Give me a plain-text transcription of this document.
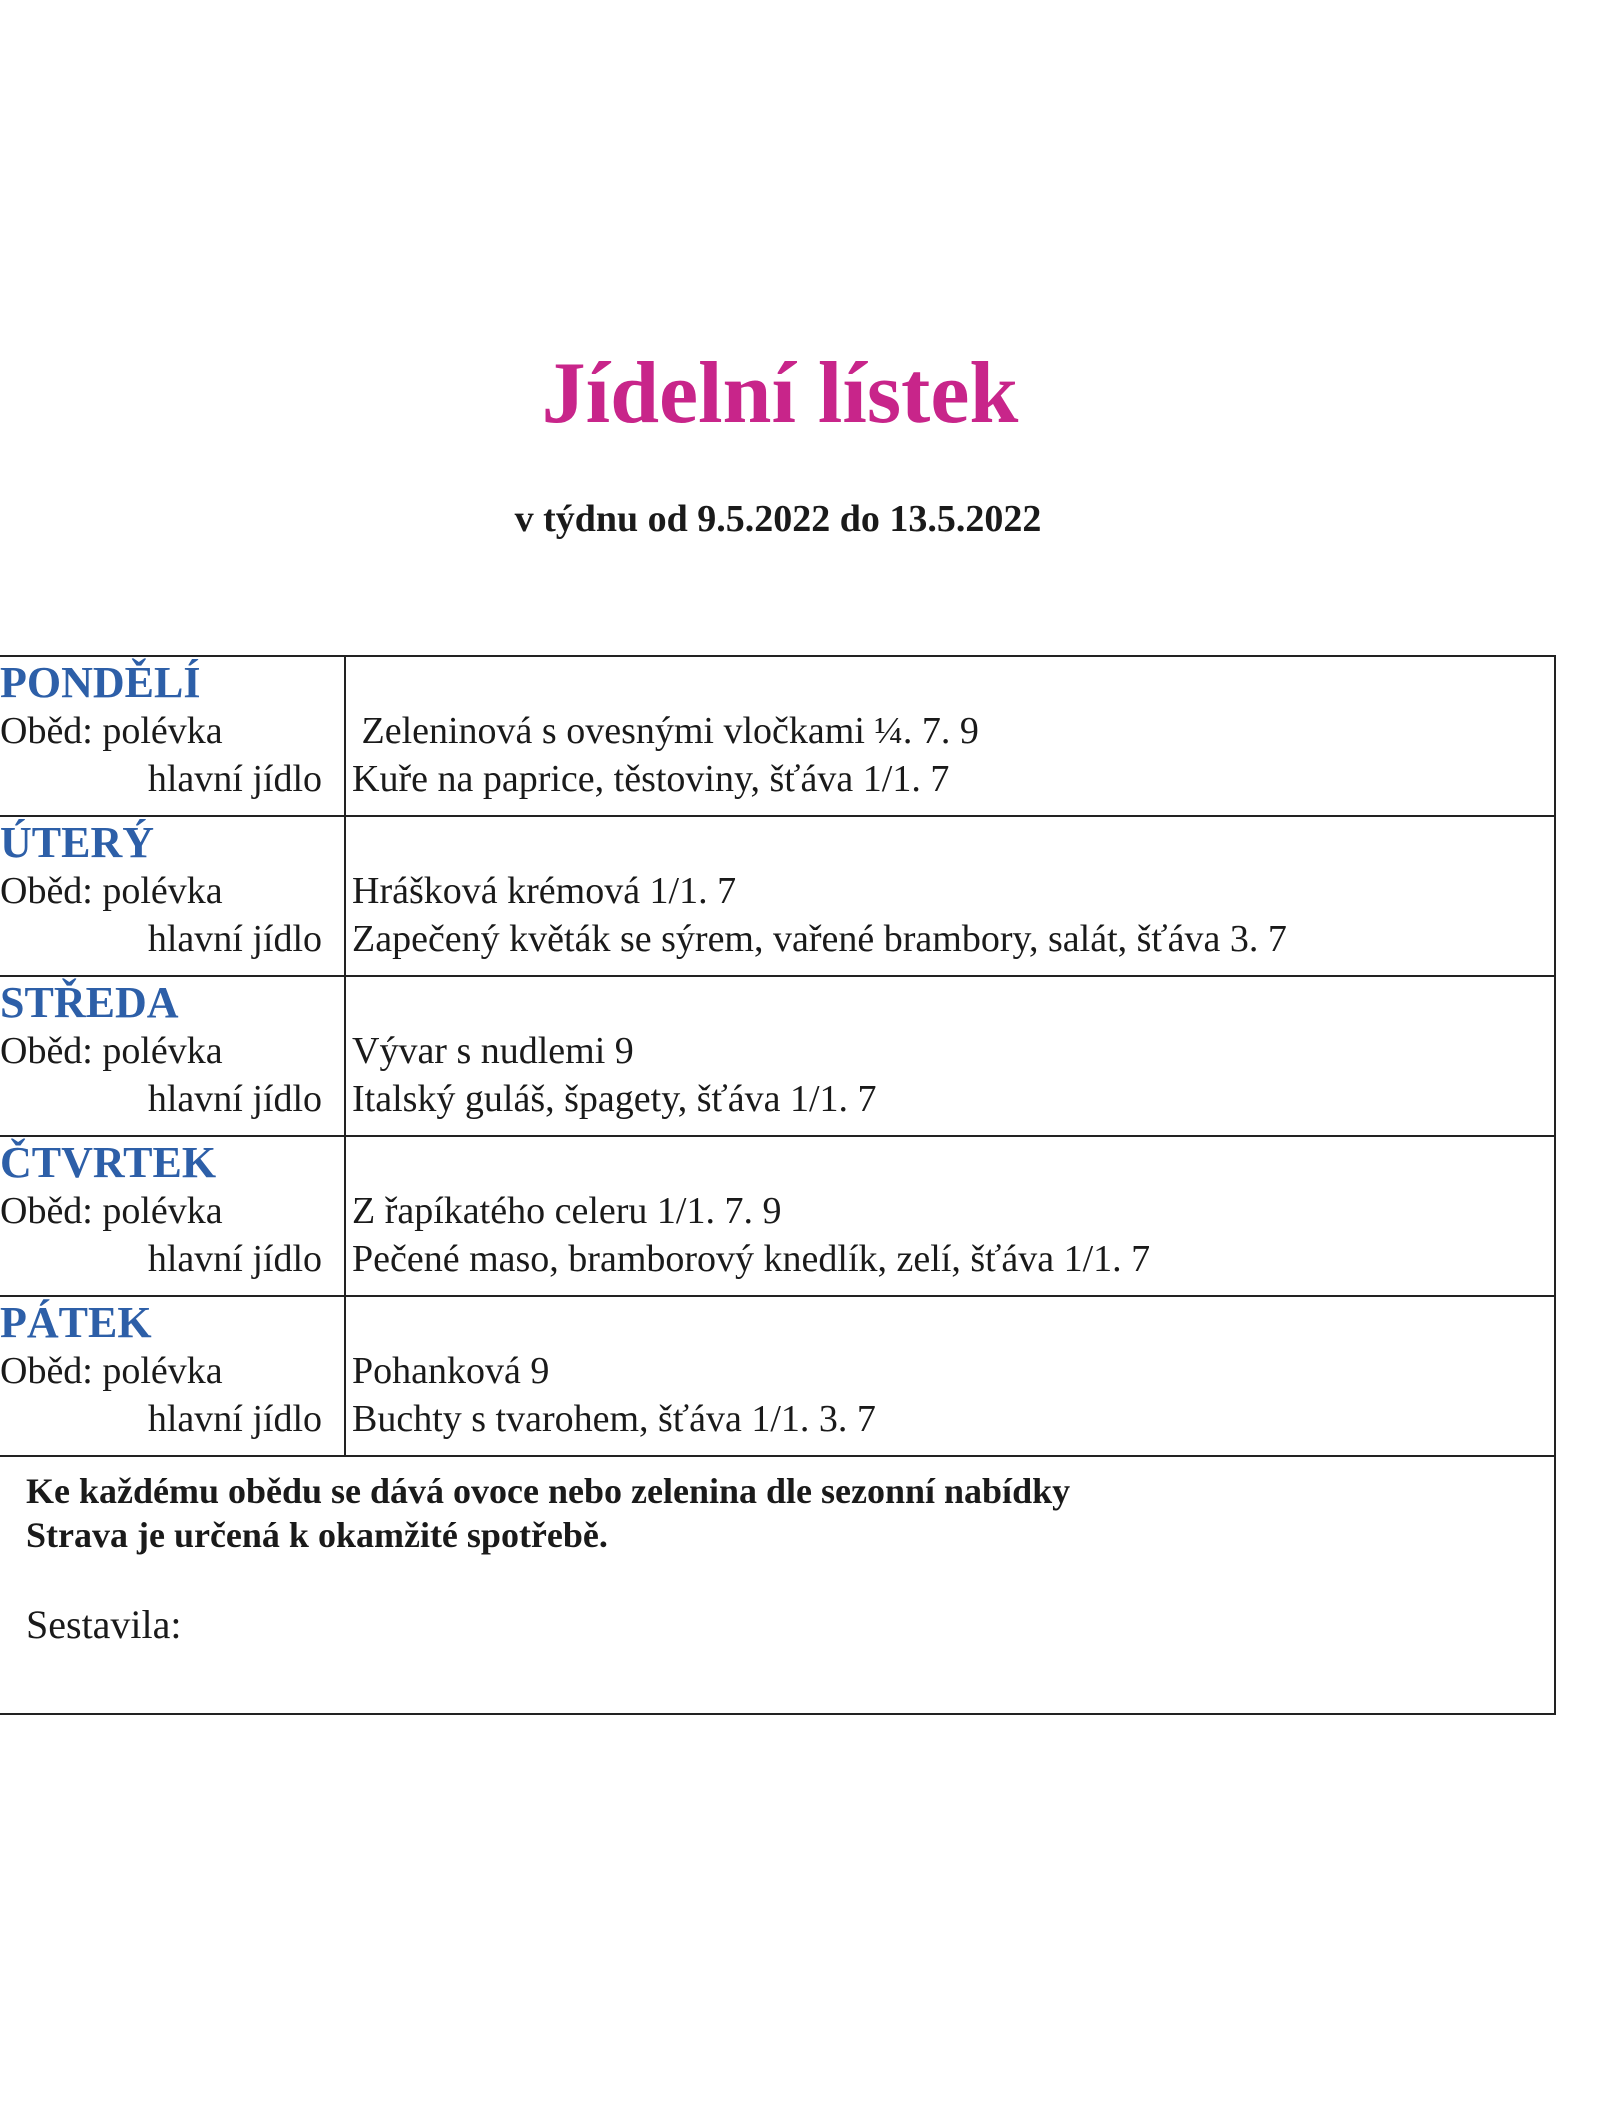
Jídelní lístek
v týdnu od 9.5.2022 do 13.5.2022
PONDĚLÍ
Oběd: polévka
hlavní jídlo
Zeleninová s ovesnými vločkami ¼. 7. 9
Kuře na paprice, těstoviny, šťáva 1/1. 7
ÚTERÝ
Oběd: polévka
hlavní jídlo
Hrášková krémová 1/1. 7
Zapečený květák se sýrem, vařené brambory, salát, šťáva 3. 7
STŘEDA
Oběd: polévka
hlavní jídlo
Vývar s nudlemi 9
Italský guláš, špagety, šťáva 1/1. 7
ČTVRTEK
Oběd: polévka
hlavní jídlo
Z řapíkatého celeru 1/1. 7. 9
Pečené maso, bramborový knedlík, zelí, šťáva 1/1. 7
PÁTEK
Oběd: polévka
hlavní jídlo
Pohanková 9
Buchty s tvarohem, šťáva 1/1. 3. 7
Ke každému obědu se dává ovoce nebo zelenina dle sezonní nabídky
Strava je určená k okamžité spotřebě.
Sestavila:
